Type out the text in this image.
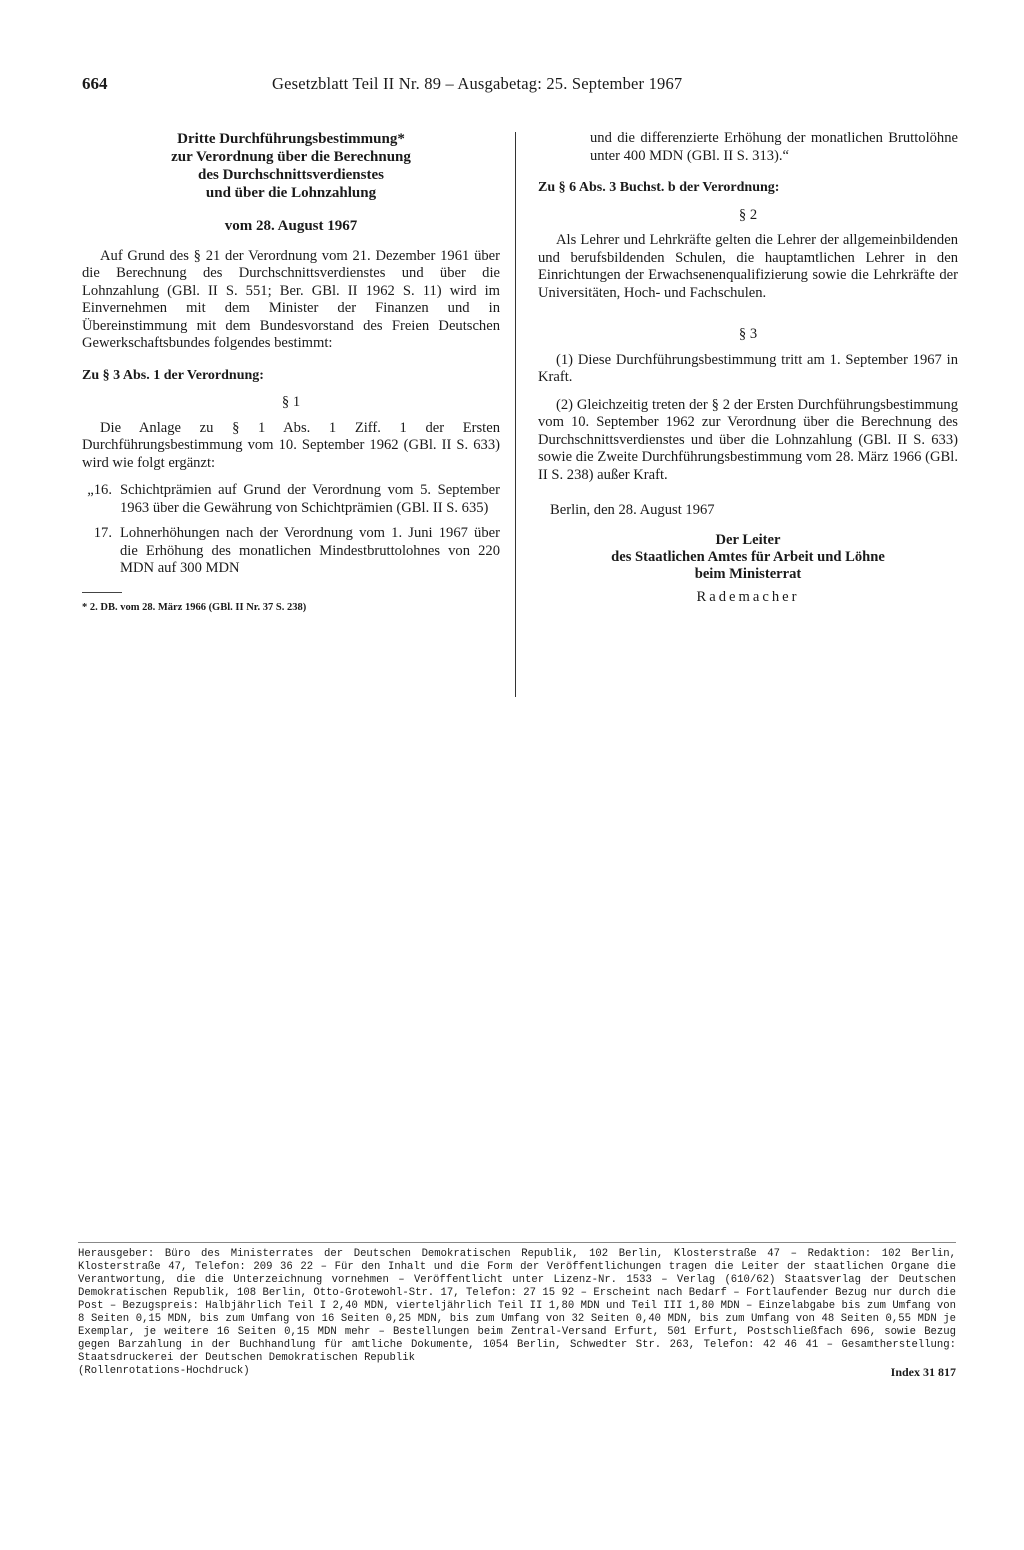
664	Gesetzblatt Teil II Nr. 89 – Ausgabetag: 25. September 1967

Dritte Durchführungsbestimmung*

zur Verordnung über die Berechnung

des Durchschnittsverdienstes

und über die Lohnzahlung

vom 28. August 1967

Auf Grund des § 21 der Verordnung vom 21. Dezember 1961 über die Berechnung des Durchschnittsverdienstes und über die Lohnzahlung (GBl. II S. 551; Ber. GBl. II 1962 S. 11) wird im Einvernehmen mit dem Minister der Finanzen und in Übereinstimmung mit dem Bundesvorstand des Freien Deutschen Gewerkschaftsbundes folgendes bestimmt:

Zu § 3 Abs. 1 der Verordnung:

§ 1

Die Anlage zu § 1 Abs. 1 Ziff. 1 der Ersten Durchführungsbestimmung vom 10. September 1962 (GBl. II S. 633) wird wie folgt ergänzt:

„16. Schichtprämien auf Grund der Verordnung vom 5. September 1963 über die Gewährung von Schichtprämien (GBl. II S. 635)
17. Lohnerhöhungen nach der Verordnung vom 1. Juni 1967 über die Erhöhung des monatlichen Mindestbruttolohnes von 220 MDN auf 300 MDN

* 2. DB. vom 28. März 1966 (GBl. II Nr. 37 S. 238)

und die differenzierte Erhöhung der monatlichen Bruttolöhne unter 400 MDN (GBl. II S. 313).“

Zu § 6 Abs. 3 Buchst. b der Verordnung:

§ 2

Als Lehrer und Lehrkräfte gelten die Lehrer der allgemeinbildenden und berufsbildenden Schulen, die hauptamtlichen Lehrer in den Einrichtungen der Erwachsenenqualifizierung sowie die Lehrkräfte der Universitäten, Hoch- und Fachschulen.

§ 3

(1) Diese Durchführungsbestimmung tritt am 1. September 1967 in Kraft.

(2) Gleichzeitig treten der § 2 der Ersten Durchführungsbestimmung vom 10. September 1962 zur Verordnung über die Berechnung des Durchschnittsverdienstes und über die Lohnzahlung (GBl. II S. 633) sowie die Zweite Durchführungsbestimmung vom 28. März 1966 (GBl. II S. 238) außer Kraft.

Berlin, den 28. August 1967

Der Leiter

des Staatlichen Amtes für Arbeit und Löhne

beim Ministerrat

Rademacher

Herausgeber: Büro des Ministerrates der Deutschen Demokratischen Republik, 102 Berlin, Klosterstraße 47 – Redaktion: 102 Berlin, Klosterstraße 47, Telefon: 209 36 22 – Für den Inhalt und die Form der Veröffentlichungen tragen die Leiter der staatlichen Organe die Verantwortung, die die Unterzeichnung vornehmen – Veröffentlicht unter Lizenz-Nr. 1533 – Verlag (610/62) Staatsverlag der Deutschen Demokratischen Republik, 108 Berlin, Otto-Grotewohl-Str. 17, Telefon: 27 15 92 – Erscheint nach Bedarf – Fortlaufender Bezug nur durch die Post – Bezugspreis: Halbjährlich Teil I 2,40 MDN, vierteljährlich Teil II 1,80 MDN und Teil III 1,80 MDN – Einzelabgabe bis zum Umfang von 8 Seiten 0,15 MDN, bis zum Umfang von 16 Seiten 0,25 MDN, bis zum Umfang von 32 Seiten 0,40 MDN, bis zum Umfang von 48 Seiten 0,55 MDN je Exemplar, je weitere 16 Seiten 0,15 MDN mehr – Bestellungen beim Zentral-Versand Erfurt, 501 Erfurt, Postschließfach 696, sowie Bezug gegen Barzahlung in der Buchhandlung für amtliche Dokumente, 1054 Berlin, Schwedter Str. 263, Telefon: 42 46 41 – Gesamtherstellung: Staatsdruckerei der Deutschen Demokratischen Republik

(Rollenrotations-Hochdruck)	Index 31 817
